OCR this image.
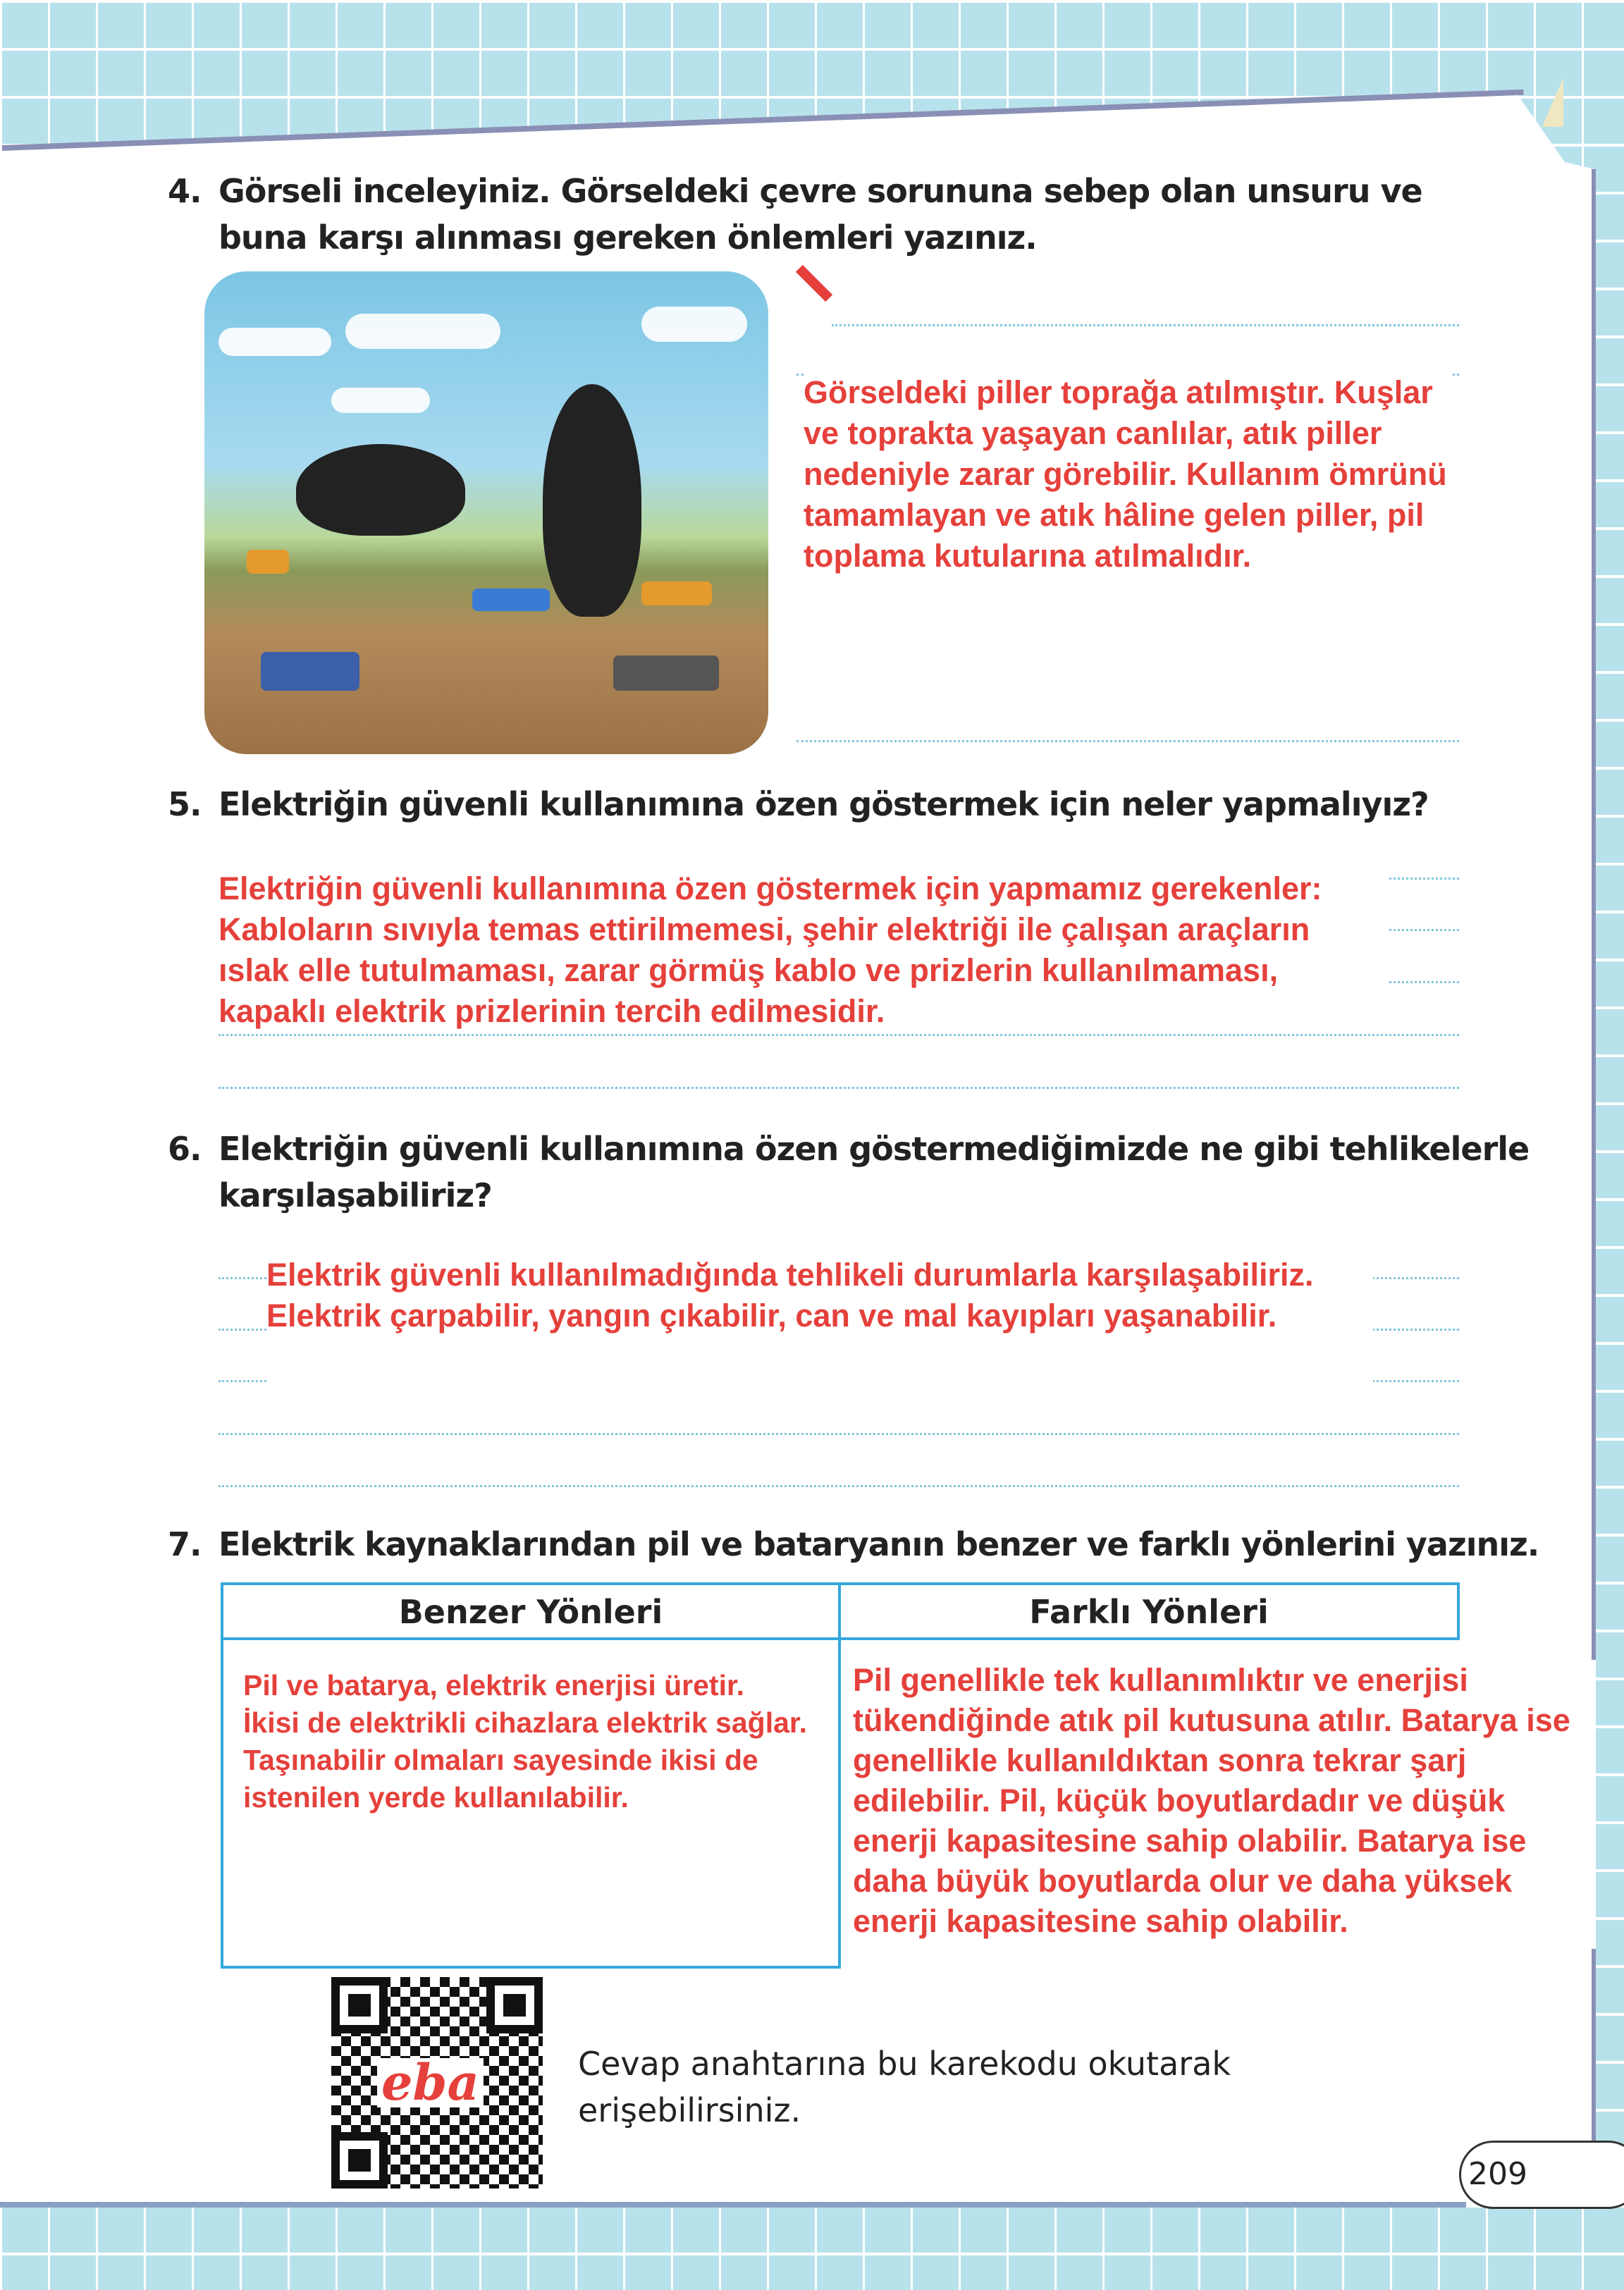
4. Görseli inceleyiniz. Görseldeki çevre sorununa sebep olan unsuru ve
buna karşı alınması gereken önlemleri yazınız.
Görseldeki piller toprağa atılmıştır. Kuşlar ve toprakta yaşayan canlılar, atık piller nedeniyle zarar görebilir. Kullanım ömrünü tamamlayan ve atık hâline gelen piller, pil toplama kutularına atılmalıdır.
5. Elektriğin güvenli kullanımına özen göstermek için neler yapmalıyız?
Elektriğin güvenli kullanımına özen göstermek için yapmamız gerekenler: Kabloların sıvıyla temas ettirilmemesi, şehir elektriği ile çalışan araçların ıslak elle tutulmaması, zarar görmüş kablo ve prizlerin kullanılmaması, kapaklı elektrik prizlerinin tercih edilmesidir.
6. Elektriğin güvenli kullanımına özen göstermediğimizde ne gibi tehlikelerle
karşılaşabiliriz?
Elektrik güvenli kullanılmadığında tehlikeli durumlarla karşılaşabiliriz. Elektrik çarpabilir, yangın çıkabilir, can ve mal kayıpları yaşanabilir.
7. Elektrik kaynaklarından pil ve bataryanın benzer ve farklı yönlerini yazınız.
Benzer Yönleri	Farklı Yönleri
Pil ve batarya, elektrik enerjisi üretir. İkisi de elektrikli cihazlara elektrik sağlar. Taşınabilir olmaları sayesinde ikisi de istenilen yerde kullanılabilir.
Pil genellikle tek kullanımlıktır ve enerjisi tükendiğinde atık pil kutusuna atılır. Batarya ise genellikle kullanıldıktan sonra tekrar şarj edilebilir. Pil, küçük boyutlardadır ve düşük enerji kapasitesine sahip olabilir. Batarya ise daha büyük boyutlarda olur ve daha yüksek enerji kapasitesine sahip olabilir.
eba	Cevap anahtarına bu karekodu okutarak
erişebilirsiniz.
209
